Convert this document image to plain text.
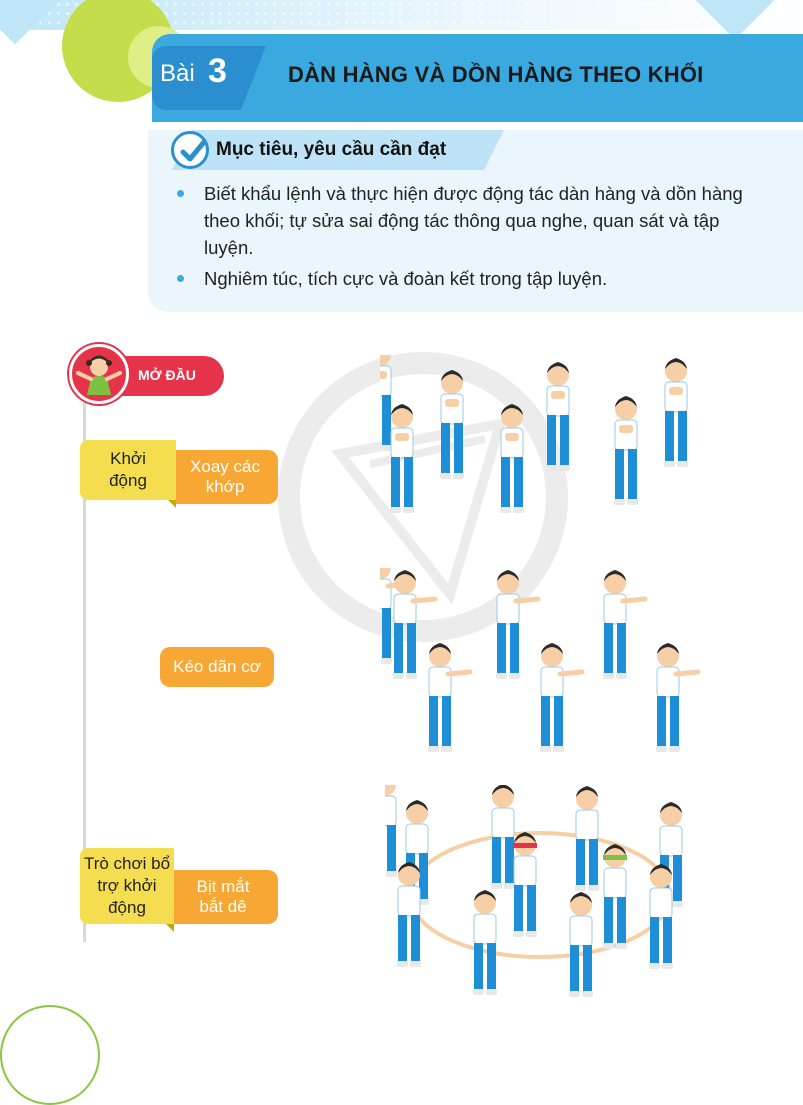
Bài 3	DÀN HÀNG VÀ DỒN HÀNG THEO KHỐI
Mục tiêu, yêu cầu cần đạt
Biết khẩu lệnh và thực hiện được động tác dàn hàng và dồn hàng theo khối; tự sửa sai động tác thông qua nghe, quan sát và tập luyện.
Nghiêm túc, tích cực và đoàn kết trong tập luyện.
MỞ ĐẦU
Xoay các khớp
Khởi động
Kéo dãn cơ
Bịt mắt bắt dê
Trò chơi bổ trợ khởi động
